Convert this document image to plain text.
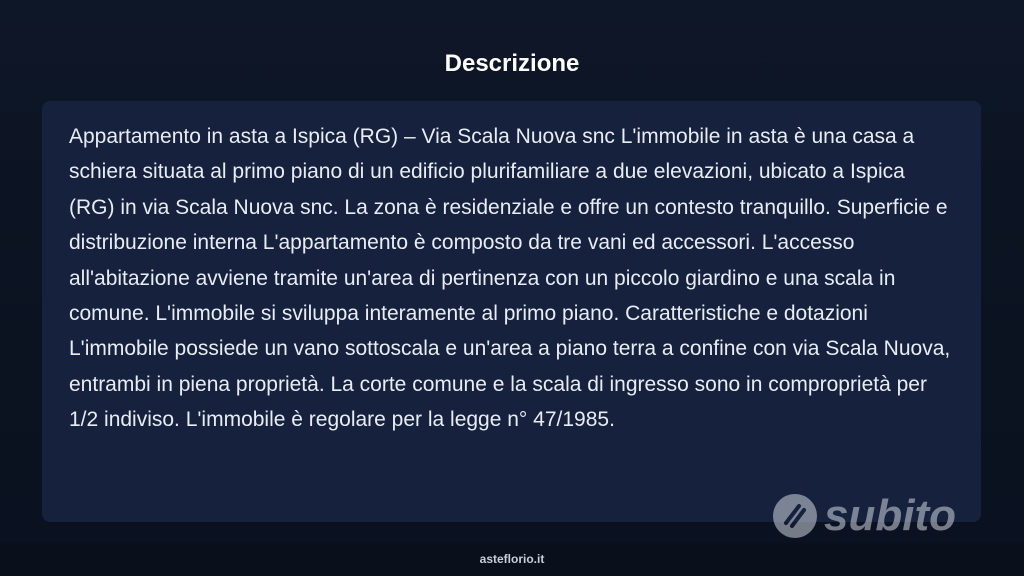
Descrizione

Appartamento in asta a Ispica (RG) – Via Scala Nuova snc L'immobile in asta è una casa a schiera situata al primo piano di un edificio plurifamiliare a due elevazioni, ubicato a Ispica (RG) in via Scala Nuova snc. La zona è residenziale e offre un contesto tranquillo. Superficie e distribuzione interna L'appartamento è composto da tre vani ed accessori. L'accesso all'abitazione avviene tramite un'area di pertinenza con un piccolo giardino e una scala in comune. L'immobile si sviluppa interamente al primo piano. Caratteristiche e dotazioni L'immobile possiede un vano sottoscala e un'area a piano terra a confine con via Scala Nuova, entrambi in piena proprietà. La corte comune e la scala di ingresso sono in comproprietà per 1/2 indiviso. L'immobile è regolare per la legge n° 47/1985.

subito
asteflorio.it
